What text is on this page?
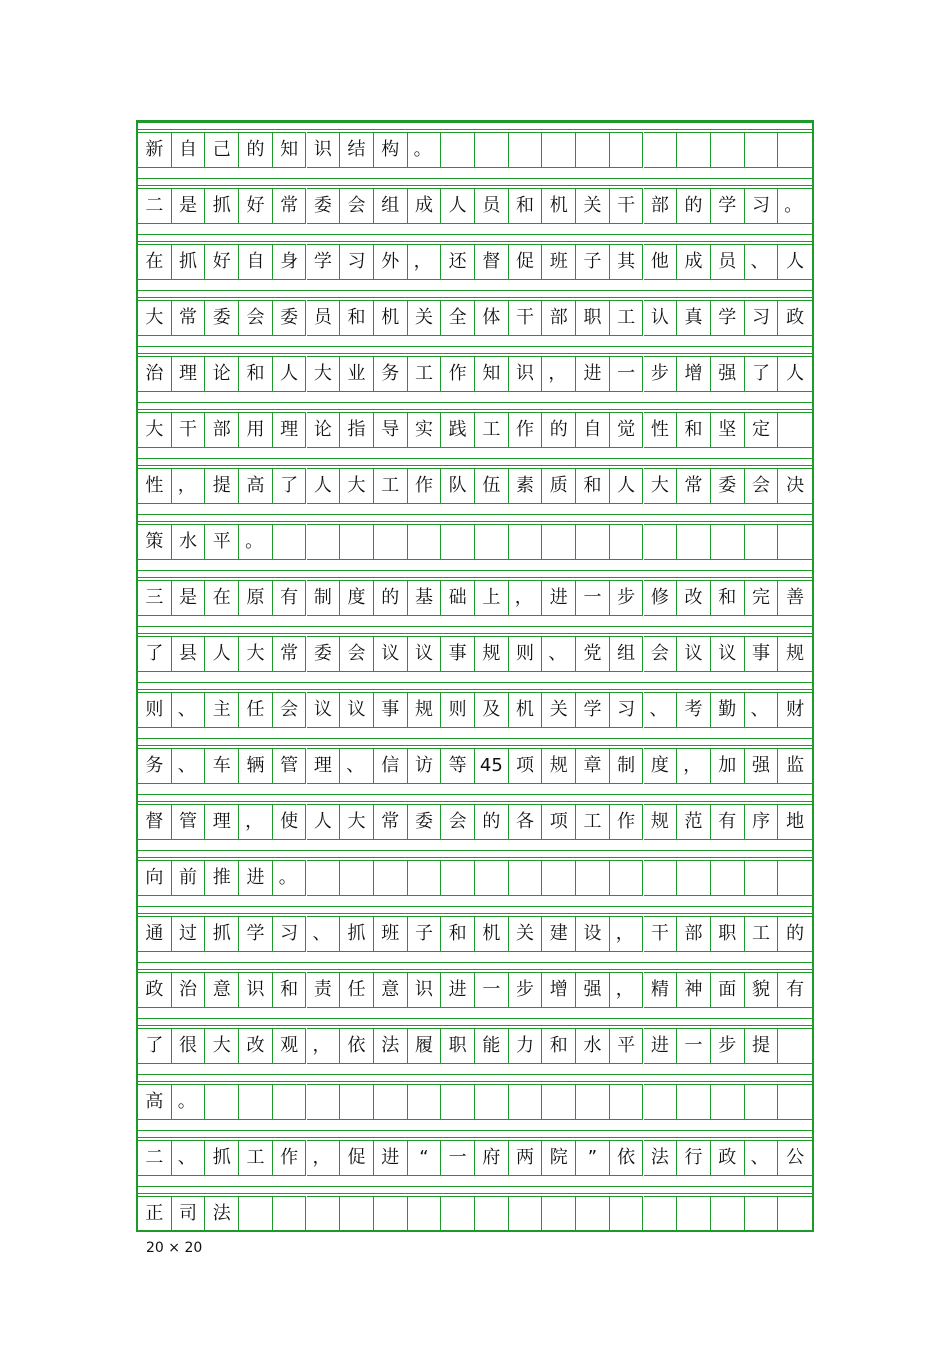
新 自 己 的 知 识 结 构 。
二 是 抓 好 常 委 会 组 成 人 员 和 机 关 干 部 的 学 习 。
在 抓 好 自 身 学 习 外 ， 还 督 促 班 子 其 他 成 员 、 人
大 常 委 会 委 员 和 机 关 全 体 干 部 职 工 认 真 学 习 政
治 理 论 和 人 大 业 务 工 作 知 识 ， 进 一 步 增 强 了 人
大 干 部 用 理 论 指 导 实 践 工 作 的 自 觉 性 和 坚 定
性 ， 提 高 了 人 大 工 作 队 伍 素 质 和 人 大 常 委 会 决
策 水 平 。
三 是 在 原 有 制 度 的 基 础 上 ， 进 一 步 修 改 和 完 善
了 县 人 大 常 委 会 议 议 事 规 则 、 党 组 会 议 议 事 规
则 、 主 任 会 议 议 事 规 则 及 机 关 学 习 、 考 勤 、 财
务 、 车 辆 管 理 、 信 访 等 45 项 规 章 制 度 ， 加 强 监
督 管 理 ， 使 人 大 常 委 会 的 各 项 工 作 规 范 有 序 地
向 前 推 进 。
通 过 抓 学 习 、 抓 班 子 和 机 关 建 设 ， 干 部 职 工 的
政 治 意 识 和 责 任 意 识 进 一 步 增 强 ， 精 神 面 貌 有
了 很 大 改 观 ， 依 法 履 职 能 力 和 水 平 进 一 步 提
高 。
二 、 抓 工 作 ， 促 进	“	一 府 两 院	”	依 法 行 政 、 公
正 司 法
20 × 20
